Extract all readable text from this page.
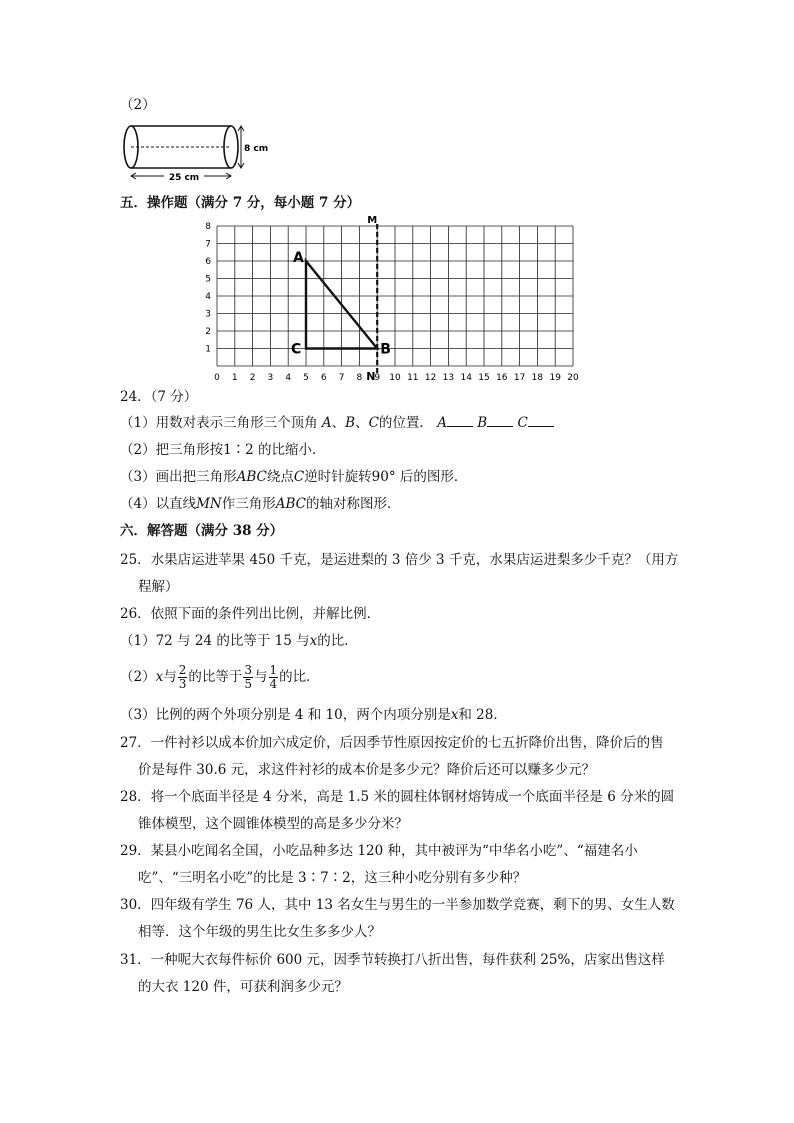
（2）
8 cm
25 cm
五．操作题（满分 7 分，每小题 7 分）
0 1 2 3 4 5 6 7 8 9 10 11 12 13 14 15 16 17 18 19 20
1
2
3
4
5
6
7
8
A
B
C
M
N
24．（7 分）
（1）用数对表示三角形三个顶角 A、B、C的位置． A B C
（2）把三角形按1∶2 的比缩小．
（3）画出把三角形ABC绕点C逆时针旋转90° 后的图形．
（4）以直线MN作三角形ABC的轴对称图形．
六．解答题（满分 38 分）
25．水果店运进苹果 450 千克，是运进梨的 3 倍少 3 千克，水果店运进梨多少千克？（用方
程解）
26．依照下面的条件列出比例，并解比例．
（1）72 与 24 的比等于 15 与x的比．
（2）x与 $\frac{2}{3}$ 的比等于 $\frac{3}{5}$ 与 $\frac{1}{4}$ 的比．
（3）比例的两个外项分别是 4 和 10，两个内项分别是x和 28．
27．一件衬衫以成本价加六成定价，后因季节性原因按定价的七五折降价出售，降价后的售
价是每件 30.6 元，求这件衬衫的成本价是多少元？降价后还可以赚多少元？
28．将一个底面半径是 4 分米，高是 1.5 米的圆柱体钢材熔铸成一个底面半径是 6 分米的圆
锥体模型，这个圆锥体模型的高是多少分米？
29．某县小吃闻名全国，小吃品种多达 120 种，其中被评为“中华名小吃”、“福建名小
吃”、“三明名小吃”的比是 3∶7∶2，这三种小吃分别有多少种？
30．四年级有学生 76 人，其中 13 名女生与男生的一半参加数学竞赛，剩下的男、女生人数
相等．这个年级的男生比女生多多少人？
31．一种呢大衣每件标价 600 元，因季节转换打八折出售，每件获利 25%，店家出售这样
的大衣 120 件，可获利润多少元？
